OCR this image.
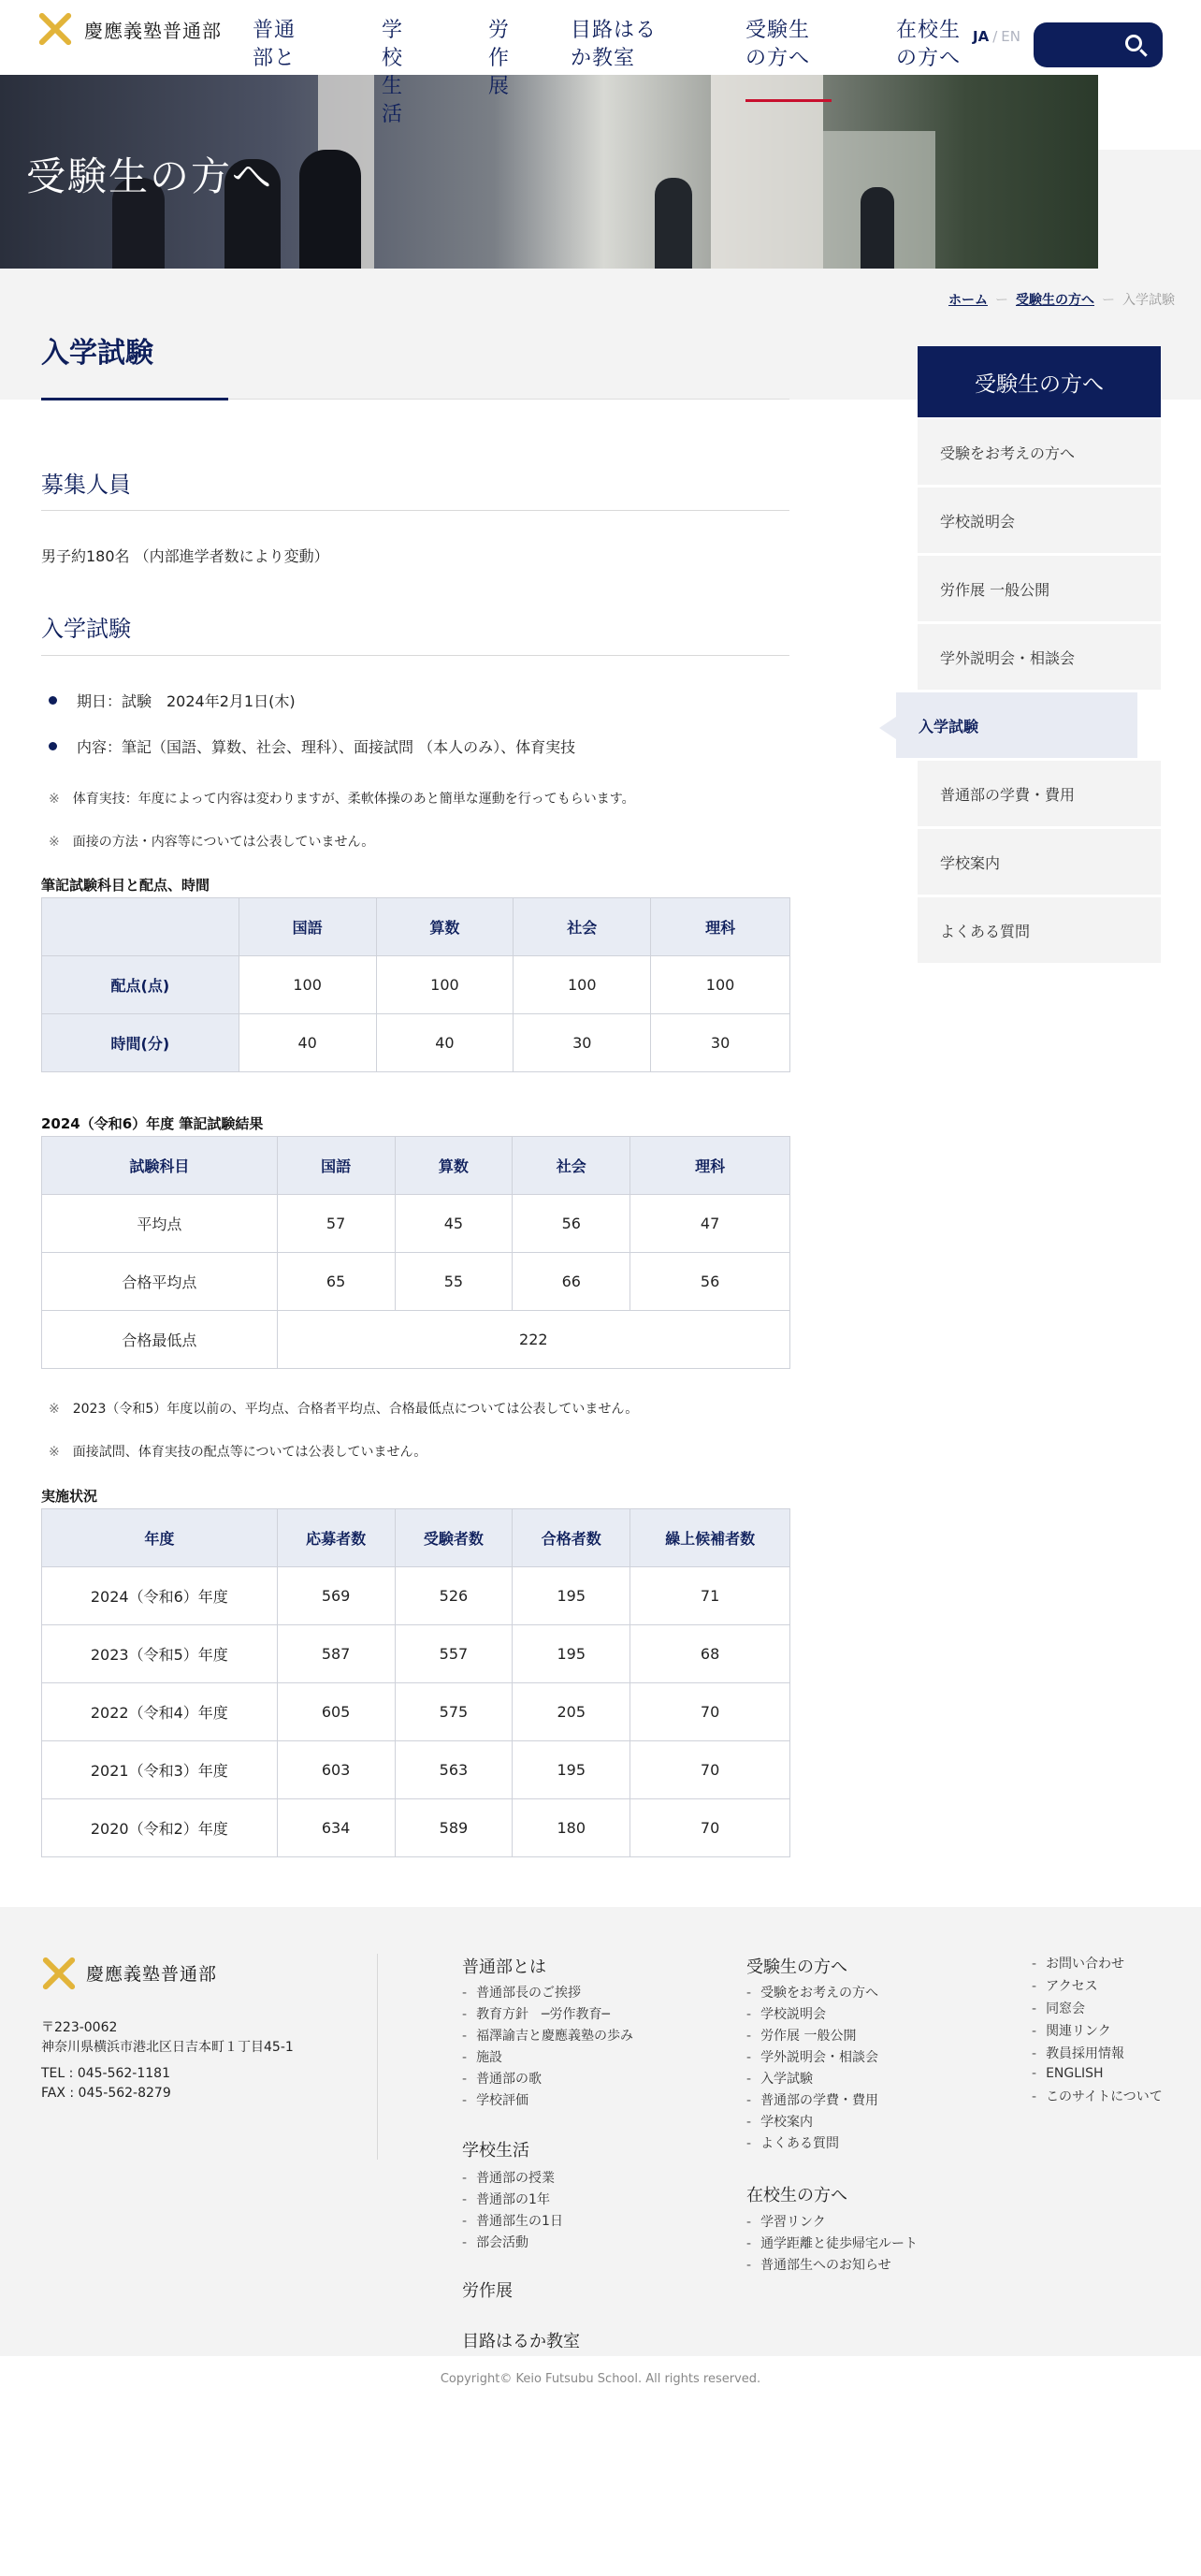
慶應義塾普通部 普通
部と
学
校
生
活
労
作
展
目路はる
か教室
受験生
の方へ
在校生
の方へ
JA / EN
受験生の方へ
ホーム ー 受験生の方へ ー 入学試験
入学試験
募集人員
男子約180名 （内部進学者数により変動）
入学試験
期日：試験　2024年2月1日(木)
内容：筆記（国語、算数、社会、理科）、面接試問 （本人のみ）、体育実技
※ 体育実技：年度によって内容は変わりますが、柔軟体操のあと簡単な運動を行ってもらいます。
※ 面接の方法・内容等については公表していません。
筆記試験科目と配点、時間
	国語	算数	社会	理科
配点(点)	100	100	100	100
時間(分)	40	40	30	30
2024（令和6）年度 筆記試験結果
試験科目	国語	算数	社会	理科
平均点	57	45	56	47
合格平均点	65	55	66	56
合格最低点	222			
※ 2023（令和5）年度以前の、平均点、合格者平均点、合格最低点については公表していません。
※ 面接試問、体育実技の配点等については公表していません。
実施状況
年度	応募者数	受験者数	合格者数	繰上候補者数
2024（令和6）年度	569	526	195	71
2023（令和5）年度	587	557	195	68
2022（令和4）年度	605	575	205	70
2021（令和3）年度	603	563	195	70
2020（令和2）年度	634	589	180	70
受験生の方へ
受験をお考えの方へ
学校説明会
労作展 一般公開
学外説明会・相談会
入学試験
普通部の学費・費用
学校案内
よくある質問
慶應義塾普通部
〒223-0062
神奈川県横浜市港北区日吉本町１丁目45-1
TEL : 045-562-1181
FAX : 045-562-8279
普通部とは
- 普通部長のご挨拶
- 教育方針　─労作教育─
- 福澤諭吉と慶應義塾の歩み
- 施設
- 普通部の歌
- 学校評価
学校生活
- 普通部の授業
- 普通部の1年
- 普通部生の1日
- 部会活動
労作展
目路はるか教室
受験生の方へ
- 受験をお考えの方へ
- 学校説明会
- 労作展 一般公開
- 学外説明会・相談会
- 入学試験
- 普通部の学費・費用
- 学校案内
- よくある質問
在校生の方へ
- 学習リンク
- 通学距離と徒歩帰宅ルート
- 普通部生へのお知らせ
- お問い合わせ
- アクセス
- 同窓会
- 関連リンク
- 教員採用情報
- ENGLISH
- このサイトについて
Copyright© Keio Futsubu School. All rights reserved.
